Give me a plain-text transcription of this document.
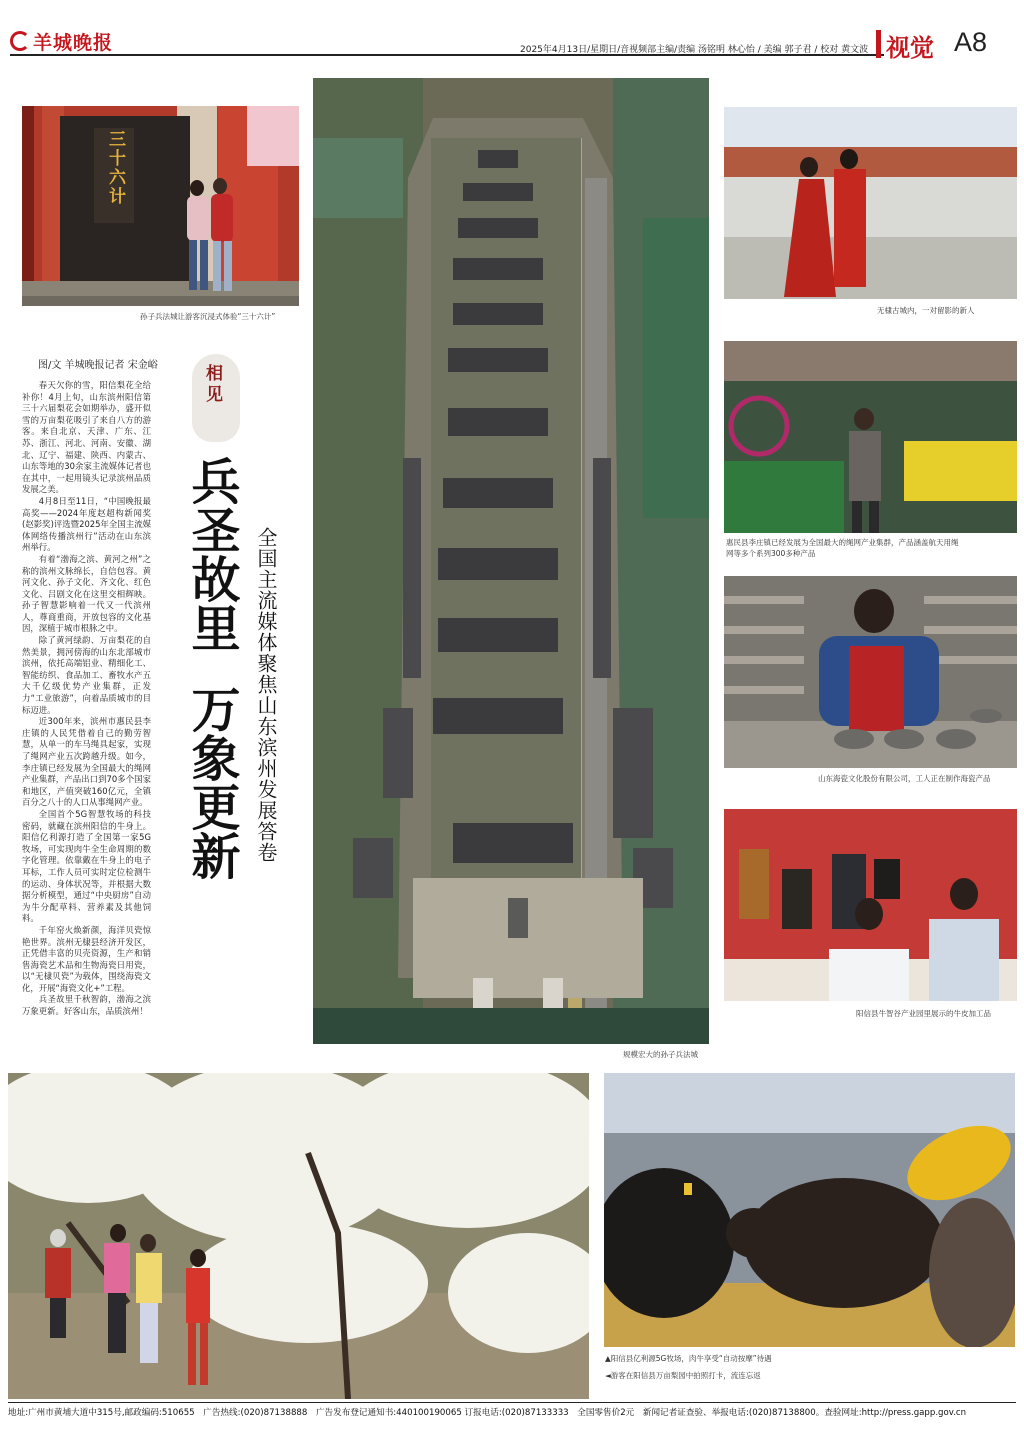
羊城晚报	2025年4月13日/星期日/音视频部主编/责编 汤铭明 林心怡 / 美编 郭子君 / 校对 黄文波 视觉 A8
三十六计
孙子兵法城让游客沉浸式体验“三十六计”
图/文 羊城晚报记者 宋金峪

春天欠你的雪，阳信梨花全给补你！4月上旬，山东滨州阳信第三十六届梨花会如期举办，盛开似雪的万亩梨花吸引了来自八方的游客。来自北京、天津、广东、江苏、浙江、河北、河南、安徽、湖北、辽宁、福建、陕西、内蒙古、山东等地的30余家主流媒体记者也在其中，一起用镜头记录滨州品质发展之美。

4月8日至11日，“中国晚报最高奖——2024年度赵超构新闻奖(赵影奖)评选暨2025年全国主流媒体网络传播滨州行”活动在山东滨州举行。

有着“渤海之滨、黄河之州”之称的滨州文脉绵长，自信包容。黄河文化、孙子文化、齐文化、红色文化、吕剧文化在这里交相辉映。孙子智慧影响着一代又一代滨州人，尊商重商，开放包容的文化基因，深植于城市根脉之中。

除了黄河绿韵、万亩梨花的自然美景，拥河傍海的山东北部城市滨州，依托高端铝业、精细化工、智能纺织、食品加工、畜牧水产五大千亿级优势产业集群，正发力“工业旅游”，向着品质城市的目标迈进。

近300年来，滨州市惠民县李庄镇的人民凭借着自己的勤劳智慧，从单一的车马绳具起家，实现了绳网产业五次跨越升级。如今，李庄镇已经发展为全国最大的绳网产业集群，产品出口到70多个国家和地区，产值突破160亿元，全镇百分之八十的人口从事绳网产业。

全国首个5G智慧牧场的科技密码，就藏在滨州阳信的牛身上。阳信亿利源打造了全国第一家5G牧场，可实现肉牛全生命周期的数字化管理。依靠戴在牛身上的电子耳标，工作人员可实时定位检测牛的运动、身体状况等，并根据大数据分析模型，通过“中央厨房”自动为牛分配草料、营养素及其他饲料。

千年窑火焕新颜，海洋贝瓷惊艳世界。滨州无棣县经济开发区，正凭借丰富的贝壳资源，生产和销售海瓷艺术品和生物海瓷日用瓷，以“无棣贝瓷”为载体，围绕海瓷文化，开展“海瓷文化+”工程。

兵圣故里千秋智韵，渤海之滨万象更新。好客山东，品质滨州！

相见
兵圣故里
万象更新 全国主流媒体聚焦山东滨州发展答卷
规模宏大的孙子兵法城
无棣古城内，一对留影的新人
惠民县李庄镇已经发展为全国最大的绳网产业集群，产品涵盖航天用绳
网等多个系列300多种产品
山东海瓷文化股份有限公司，工人正在制作海瓷产品
阳信县牛智谷产业园里展示的牛皮加工品
▲阳信县亿利源5G牧场，肉牛享受“自动按摩”待遇
◄游客在阳信县万亩梨园中拍照打卡，流连忘返
地址:广州市黄埔大道中315号,邮政编码:510655　广告热线:(020)87138888　广告发布登记通知书:440100190065 订报电话:(020)87133333　全国零售价2元　新闻记者证查验、举报电话:(020)87138800。查验网址:http://press.gapp.gov.cn
